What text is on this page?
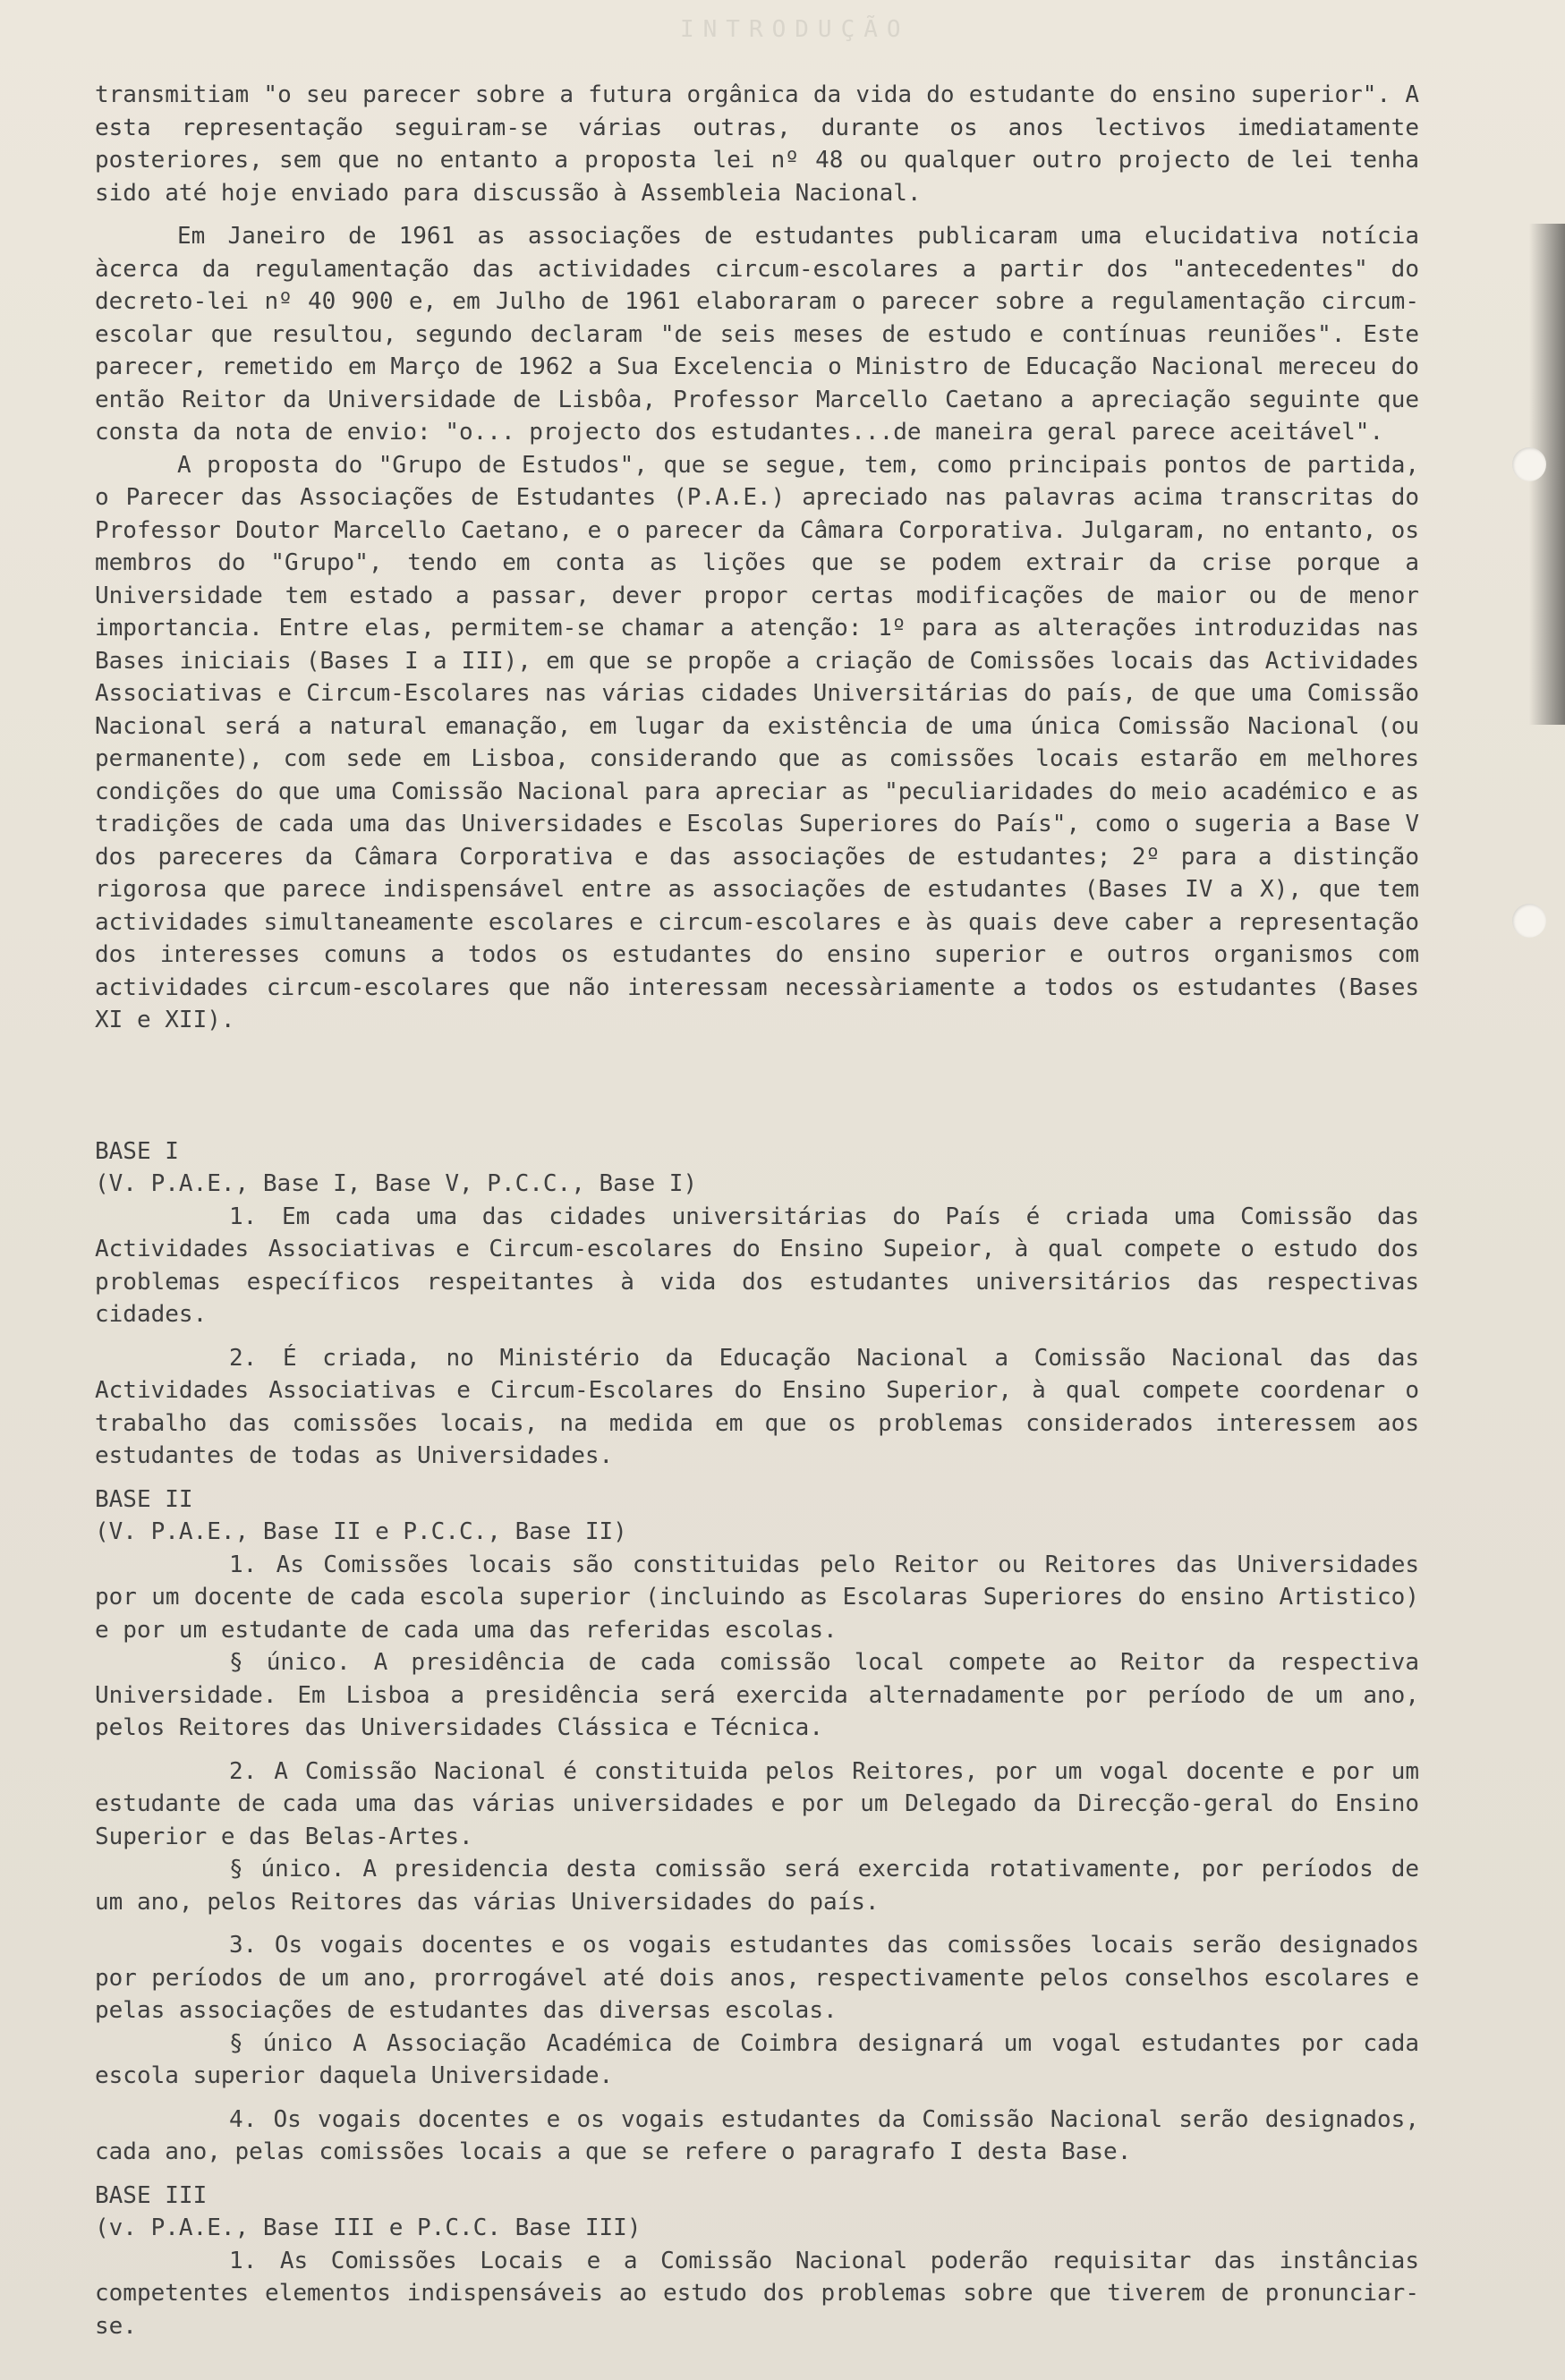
INTRODUÇÃO

transmitiam "o seu parecer sobre a futura orgânica da vida do estudante do ensino superior". A esta representação seguiram-se várias outras, durante os anos lectivos imediatamente posteriores, sem que no entanto a proposta lei nº 48 ou qualquer outro projecto de lei tenha sido até hoje enviado para discussão à Assembleia Nacional.

Em Janeiro de 1961 as associações de estudantes publicaram uma elucidativa notícia àcerca da regulamentação das actividades circum-escolares a partir dos "antecedentes" do decreto-lei nº 40 900 e, em Julho de 1961 elaboraram o parecer sobre a regulamentação circum-escolar que resultou, segundo declaram "de seis meses de estudo e contínuas reuniões". Este parecer, remetido em Março de 1962 a Sua Excelencia o Ministro de Educação Nacional mereceu do então Reitor da Universidade de Lisbôa, Professor Marcello Caetano a apreciação seguinte que consta da nota de envio: "o... projecto dos estudantes...de maneira geral parece aceitável".

A proposta do "Grupo de Estudos", que se segue, tem, como principais pontos de partida, o Parecer das Associações de Estudantes (P.A.E.) apreciado nas palavras acima transcritas do Professor Doutor Marcello Caetano, e o parecer da Câmara Corporativa. Julgaram, no entanto, os membros do "Grupo", tendo em conta as lições que se podem extrair da crise porque a Universidade tem estado a passar, dever propor certas modificações de maior ou de menor importancia. Entre elas, permitem-se chamar a atenção: 1º para as alterações introduzidas nas Bases iniciais (Bases I a III), em que se propõe a criação de Comissões locais das Actividades Associativas e Circum-Escolares nas várias cidades Universitárias do país, de que uma Comissão Nacional será a natural emanação, em lugar da existência de uma única Comissão Nacional (ou permanente), com sede em Lisboa, considerando que as comissões locais estarão em melhores condições do que uma Comissão Nacional para apreciar as "peculiaridades do meio académico e as tradições de cada uma das Universidades e Escolas Superiores do País", como o sugeria a Base V dos pareceres da Câmara Corporativa e das associações de estudantes; 2º para a distinção rigorosa que parece indispensável entre as associações de estudantes (Bases IV a X), que tem actividades simultaneamente escolares e circum-escolares e às quais deve caber a representação dos interesses comuns a todos os estudantes do ensino superior e outros organismos com actividades circum-escolares que não interessam necessàriamente a todos os estudantes (Bases XI e XII).

BASE I

(V. P.A.E., Base I, Base V, P.C.C., Base I)

1. Em cada uma das cidades universitárias do País é criada uma Comissão das Actividades Associativas e Circum-escolares do Ensino Supeior, à qual compete o estudo dos problemas específicos respeitantes à vida dos estudantes universitários das respectivas cidades.

2. É criada, no Ministério da Educação Nacional a Comissão Nacional das das Actividades Associativas e Circum-Escolares do Ensino Superior, à qual compete coordenar o trabalho das comissões locais, na medida em que os problemas considerados interessem aos estudantes de todas as Universidades.

BASE II

(V. P.A.E., Base II e P.C.C., Base II)

1. As Comissões locais são constituidas pelo Reitor ou Reitores das Universidades por um docente de cada escola superior (incluindo as Escolaras Superiores do ensino Artistico) e por um estudante de cada uma das referidas escolas.

§ único. A presidência de cada comissão local compete ao Reitor da respectiva Universidade. Em Lisboa a presidência será exercida alternadamente por período de um ano, pelos Reitores das Universidades Clássica e Técnica.

2. A Comissão Nacional é constituida pelos Reitores, por um vogal docente e por um estudante de cada uma das várias universidades e por um Delegado da Direcção-geral do Ensino Superior e das Belas-Artes.

§ único. A presidencia desta comissão será exercida rotativamente, por períodos de um ano, pelos Reitores das várias Universidades do país.

3. Os vogais docentes e os vogais estudantes das comissões locais serão designados por períodos de um ano, prorrogável até dois anos, respectivamente pelos conselhos escolares e pelas associações de estudantes das diversas escolas.

§ único A Associação Académica de Coimbra designará um vogal estudantes por cada escola superior daquela Universidade.

4. Os vogais docentes e os vogais estudantes da Comissão Nacional serão designados, cada ano, pelas comissões locais a que se refere o paragrafo I desta Base.

BASE III

(v. P.A.E., Base III e P.C.C. Base III)

1. As Comissões Locais e a Comissão Nacional poderão requisitar das instâncias competentes elementos indispensáveis ao estudo dos problemas sobre que tiverem de pronunciar-se.
